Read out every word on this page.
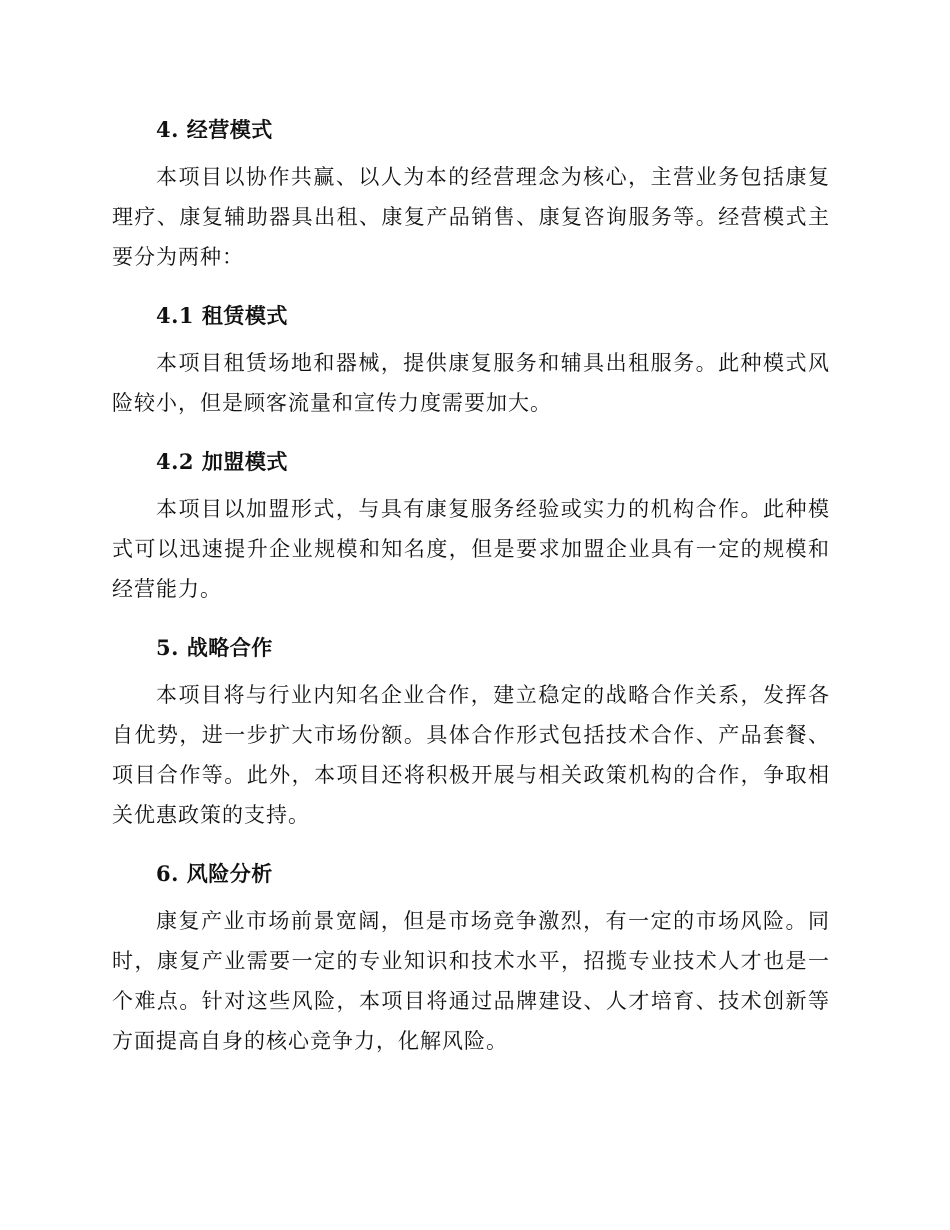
4. 经营模式

本项目以协作共赢、以人为本的经营理念为核心，主营业务包括康复理疗、康复辅助器具出租、康复产品销售、康复咨询服务等。经营模式主要分为两种：

4.1 租赁模式

本项目租赁场地和器械，提供康复服务和辅具出租服务。此种模式风险较小，但是顾客流量和宣传力度需要加大。

4.2 加盟模式

本项目以加盟形式，与具有康复服务经验或实力的机构合作。此种模式可以迅速提升企业规模和知名度，但是要求加盟企业具有一定的规模和经营能力。

5. 战略合作

本项目将与行业内知名企业合作，建立稳定的战略合作关系，发挥各自优势，进一步扩大市场份额。具体合作形式包括技术合作、产品套餐、项目合作等。此外，本项目还将积极开展与相关政策机构的合作，争取相关优惠政策的支持。

6. 风险分析

康复产业市场前景宽阔，但是市场竞争激烈，有一定的市场风险。同时，康复产业需要一定的专业知识和技术水平，招揽专业技术人才也是一个难点。针对这些风险，本项目将通过品牌建设、人才培育、技术创新等方面提高自身的核心竞争力，化解风险。
